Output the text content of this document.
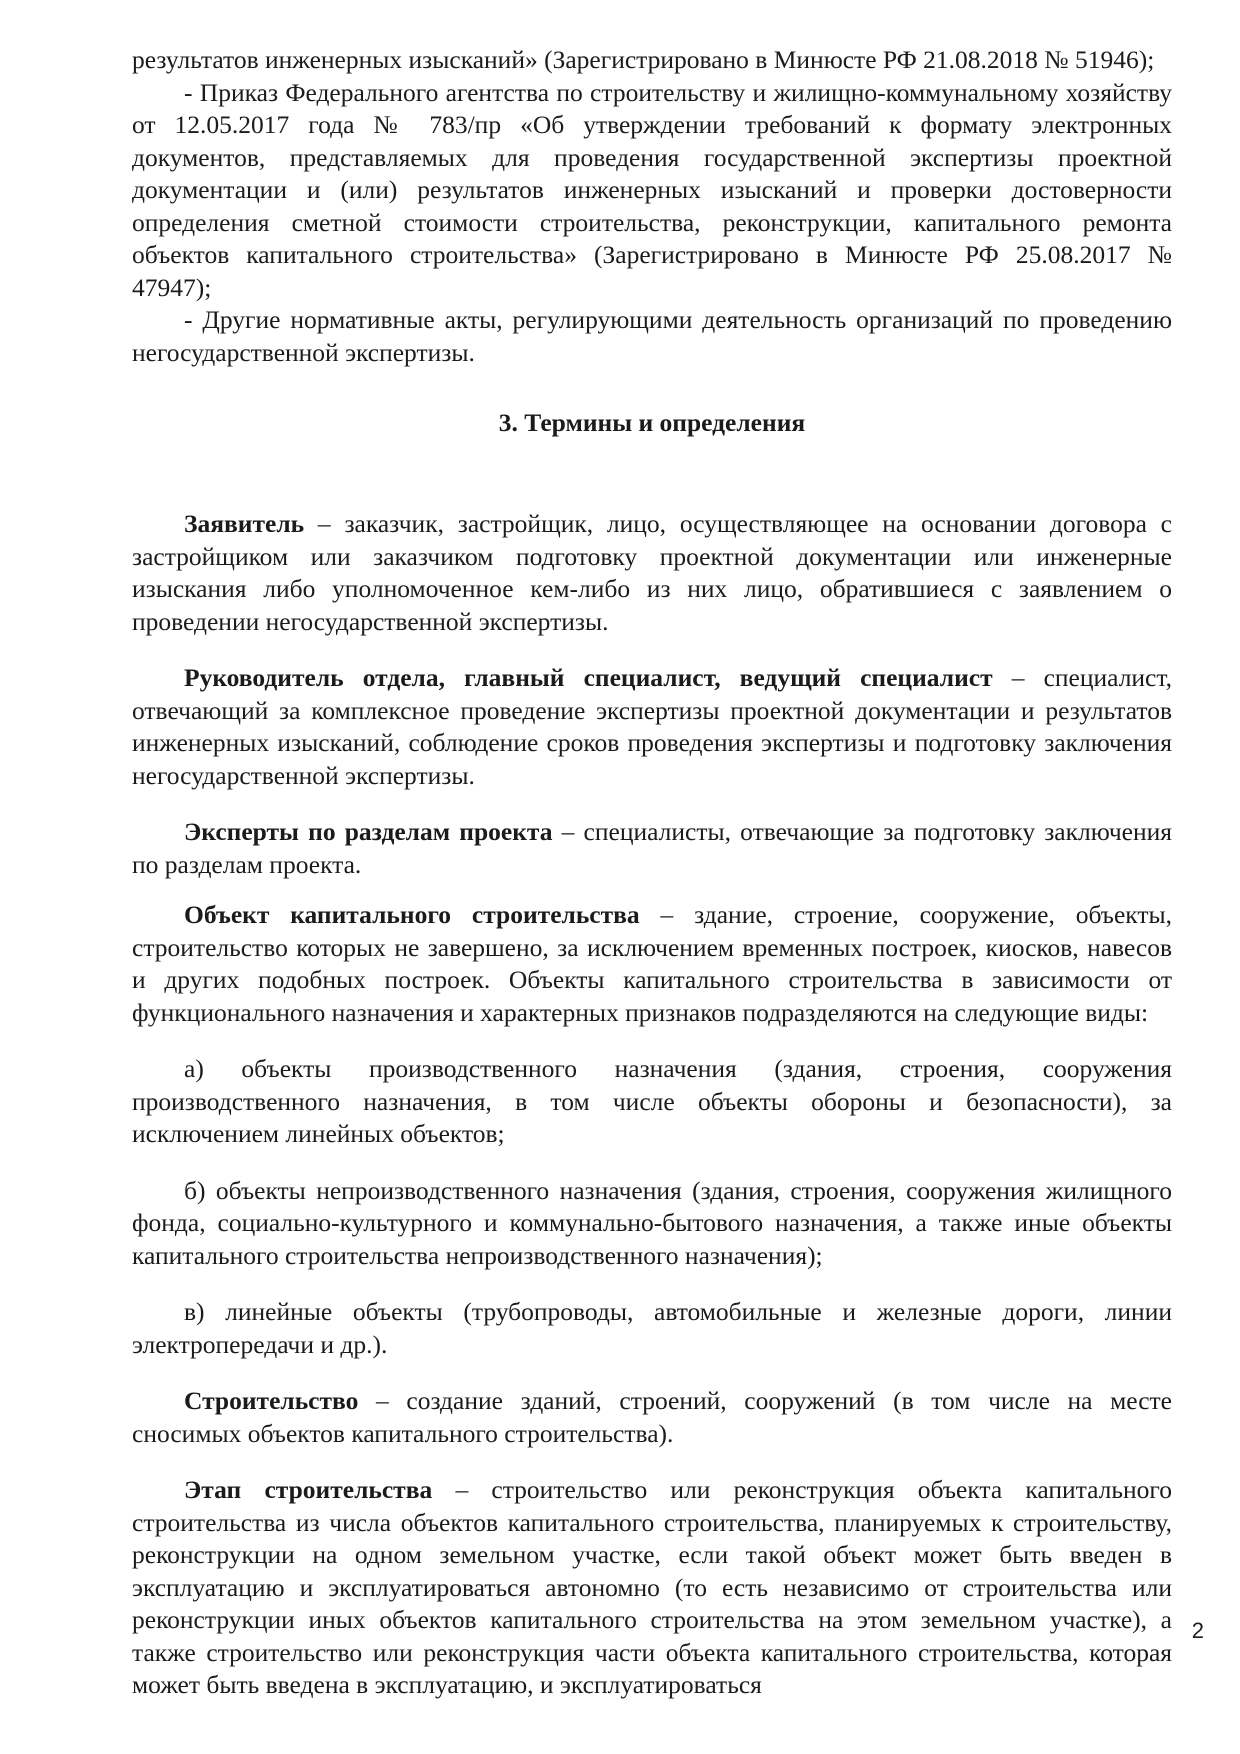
результатов инженерных изысканий» (Зарегистрировано в Минюсте РФ 21.08.2018 № 51946);

- Приказ Федерального агентства по строительству и жилищно-коммунальному хозяйству от 12.05.2017 года № 783/пр «Об утверждении требований к формату электронных документов, представляемых для проведения государственной экспертизы проектной документации и (или) результатов инженерных изысканий и проверки достоверности определения сметной стоимости строительства, реконструкции, капитального ремонта объектов капитального строительства» (Зарегистрировано в Минюсте РФ 25.08.2017 № 47947);

- Другие нормативные акты, регулирующими деятельность организаций по проведению негосударственной экспертизы.

3. Термины и определения

Заявитель – заказчик, застройщик, лицо, осуществляющее на основании договора с застройщиком или заказчиком подготовку проектной документации или инженерные изыскания либо уполномоченное кем-либо из них лицо, обратившиеся с заявлением о проведении негосударственной экспертизы.

Руководитель отдела, главный специалист, ведущий специалист – специалист, отвечающий за комплексное проведение экспертизы проектной документации и результатов инженерных изысканий, соблюдение сроков проведения экспертизы и подготовку заключения негосударственной экспертизы.

Эксперты по разделам проекта – специалисты, отвечающие за подготовку заключения по разделам проекта.

Объект капитального строительства – здание, строение, сооружение, объекты, строительство которых не завершено, за исключением временных построек, киосков, навесов и других подобных построек. Объекты капитального строительства в зависимости от функционального назначения и характерных признаков подразделяются на следующие виды:

а) объекты производственного назначения (здания, строения, сооружения производственного назначения, в том числе объекты обороны и безопасности), за исключением линейных объектов;

б) объекты непроизводственного назначения (здания, строения, сооружения жилищного фонда, социально-культурного и коммунально-бытового назначения, а также иные объекты капитального строительства непроизводственного назначения);

в) линейные объекты (трубопроводы, автомобильные и железные дороги, линии электропередачи и др.).

Строительство – создание зданий, строений, сооружений (в том числе на месте сносимых объектов капитального строительства).

Этап строительства – строительство или реконструкция объекта капитального строительства из числа объектов капитального строительства, планируемых к строительству, реконструкции на одном земельном участке, если такой объект может быть введен в эксплуатацию и эксплуатироваться автономно (то есть независимо от строительства или реконструкции иных объектов капитального строительства на этом земельном участке), а также строительство или реконструкция части объекта капитального строительства, которая может быть введена в эксплуатацию, и эксплуатироваться

2
